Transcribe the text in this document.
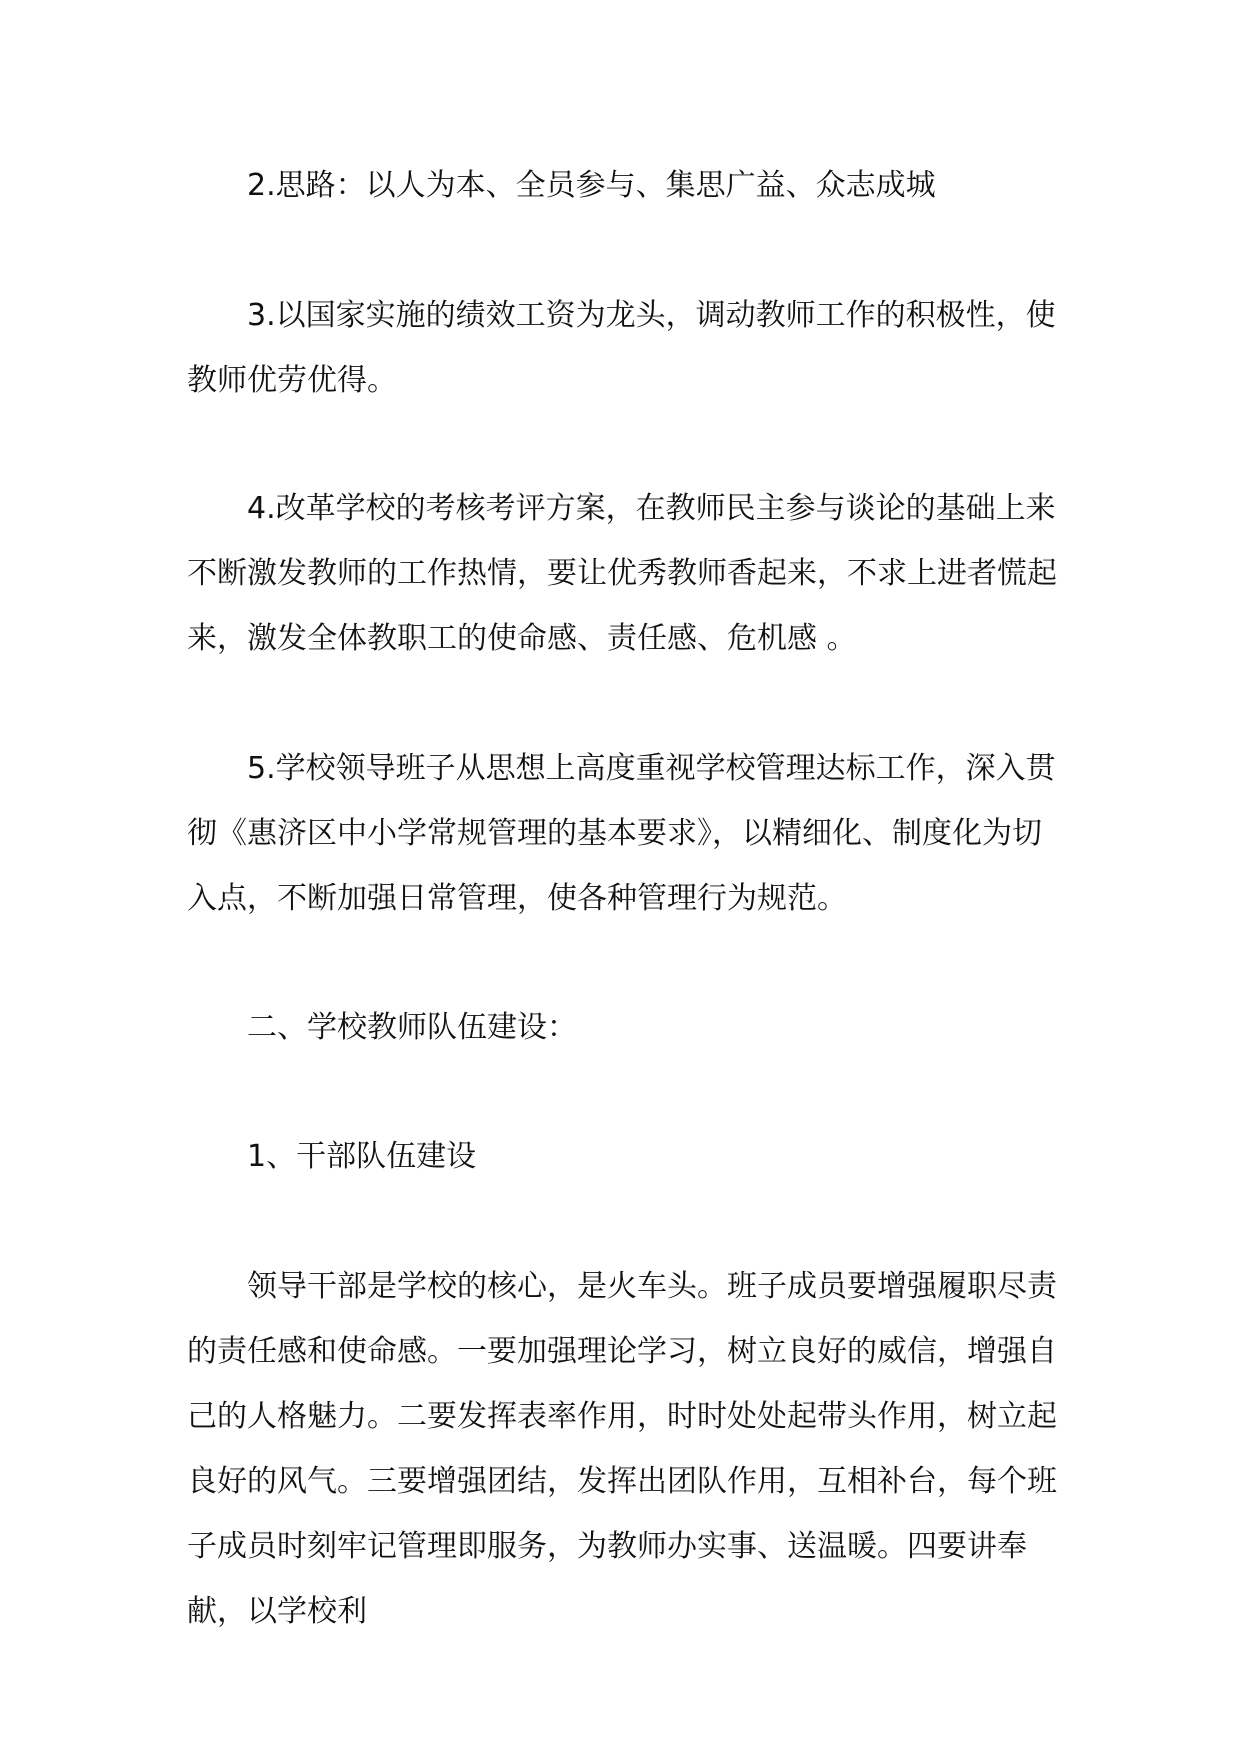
2.思路：以人为本、全员参与、集思广益、众志成城

3.以国家实施的绩效工资为龙头，调动教师工作的积极性，使教师优劳优得。

4.改革学校的考核考评方案，在教师民主参与谈论的基础上来不断激发教师的工作热情，要让优秀教师香起来，不求上进者慌起来，激发全体教职工的使命感、责任感、危机感 。

5.学校领导班子从思想上高度重视学校管理达标工作，深入贯彻《惠济区中小学常规管理的基本要求》，以精细化、制度化为切入点，不断加强日常管理，使各种管理行为规范。

二、学校教师队伍建设：

1、干部队伍建设

领导干部是学校的核心，是火车头。班子成员要增强履职尽责的责任感和使命感。一要加强理论学习，树立良好的威信，增强自己的人格魅力。二要发挥表率作用，时时处处起带头作用，树立起良好的风气。三要增强团结，发挥出团队作用，互相补台，每个班子成员时刻牢记管理即服务，为教师办实事、送温暖。四要讲奉献，以学校利
